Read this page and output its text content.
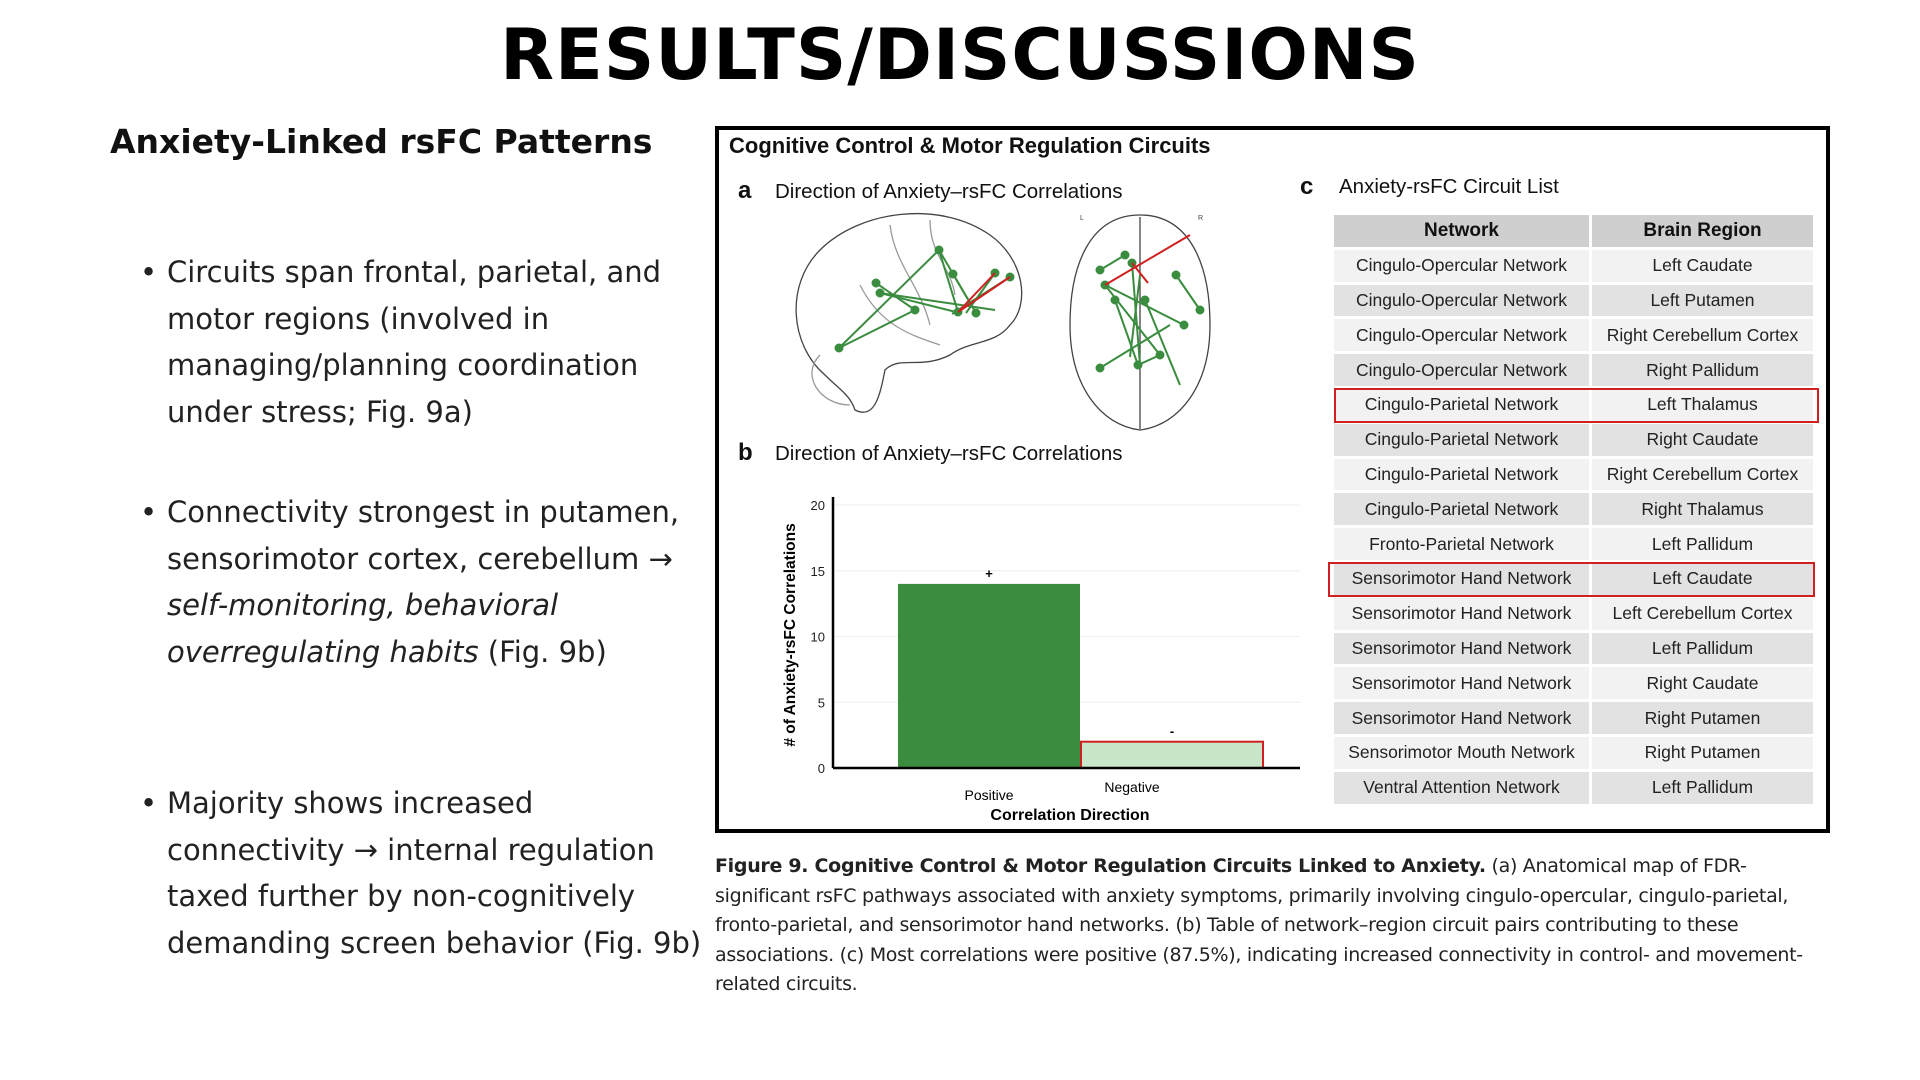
RESULTS/DISCUSSIONS
Anxiety-Linked rsFC Patterns
• Circuits span frontal, parietal, and motor regions (involved in managing/planning coordination under stress; Fig. 9a)
• Connectivity strongest in putamen, sensorimotor cortex, cerebellum → self-monitoring, behavioral overregulating habits (Fig. 9b)
• Majority shows increased connectivity → internal regulation taxed further by non-cognitively demanding screen behavior (Fig. 9b)
Cognitive Control & Motor Regulation Circuits
a Direction of Anxiety–rsFC Correlations
b Direction of Anxiety–rsFC Correlations
c Anxiety-rsFC Circuit List
L	R
0
5
10
15
20
+
Positive
-
Negative
# of Anxiety-rsFC Correlations
Correlation Direction
Network	Brain Region
Cingulo-Opercular Network	Left Caudate
Cingulo-Opercular Network	Left Putamen
Cingulo-Opercular Network	Right Cerebellum Cortex
Cingulo-Opercular Network	Right Pallidum
Cingulo-Parietal Network	Left Thalamus
Cingulo-Parietal Network	Right Caudate
Cingulo-Parietal Network	Right Cerebellum Cortex
Cingulo-Parietal Network	Right Thalamus
Fronto-Parietal Network	Left Pallidum
Sensorimotor Hand Network	Left Caudate
Sensorimotor Hand Network	Left Cerebellum Cortex
Sensorimotor Hand Network	Left Pallidum
Sensorimotor Hand Network	Right Caudate
Sensorimotor Hand Network	Right Putamen
Sensorimotor Mouth Network	Right Putamen
Ventral Attention Network	Left Pallidum
Figure 9. Cognitive Control & Motor Regulation Circuits Linked to Anxiety. (a) Anatomical map of FDR-significant rsFC pathways associated with anxiety symptoms, primarily involving cingulo-opercular, cingulo-parietal, fronto-parietal, and sensorimotor hand networks. (b) Table of network–region circuit pairs contributing to these associations. (c) Most correlations were positive (87.5%), indicating increased connectivity in control- and movement-related circuits.
